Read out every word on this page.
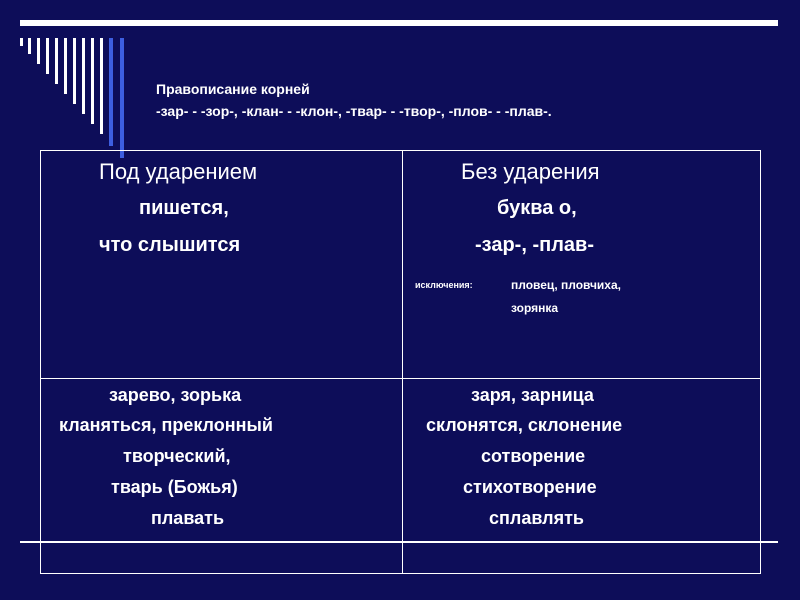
Правописание корней
-зар- - -зор-, -клан- - -клон-, -твар- - -твор-, -плов- - -плав-.
Под ударением
пишется,
что слышится
Без ударения
буква о,
-зар-, -плав-
исключения:	пловец, пловчиха,
зорянка
зарево, зорька
кланяться, преклонный
творческий,
тварь (Божья)
плавать
заря, зарница
склонятся, склонение
сотворение
стихотворение
сплавлять
